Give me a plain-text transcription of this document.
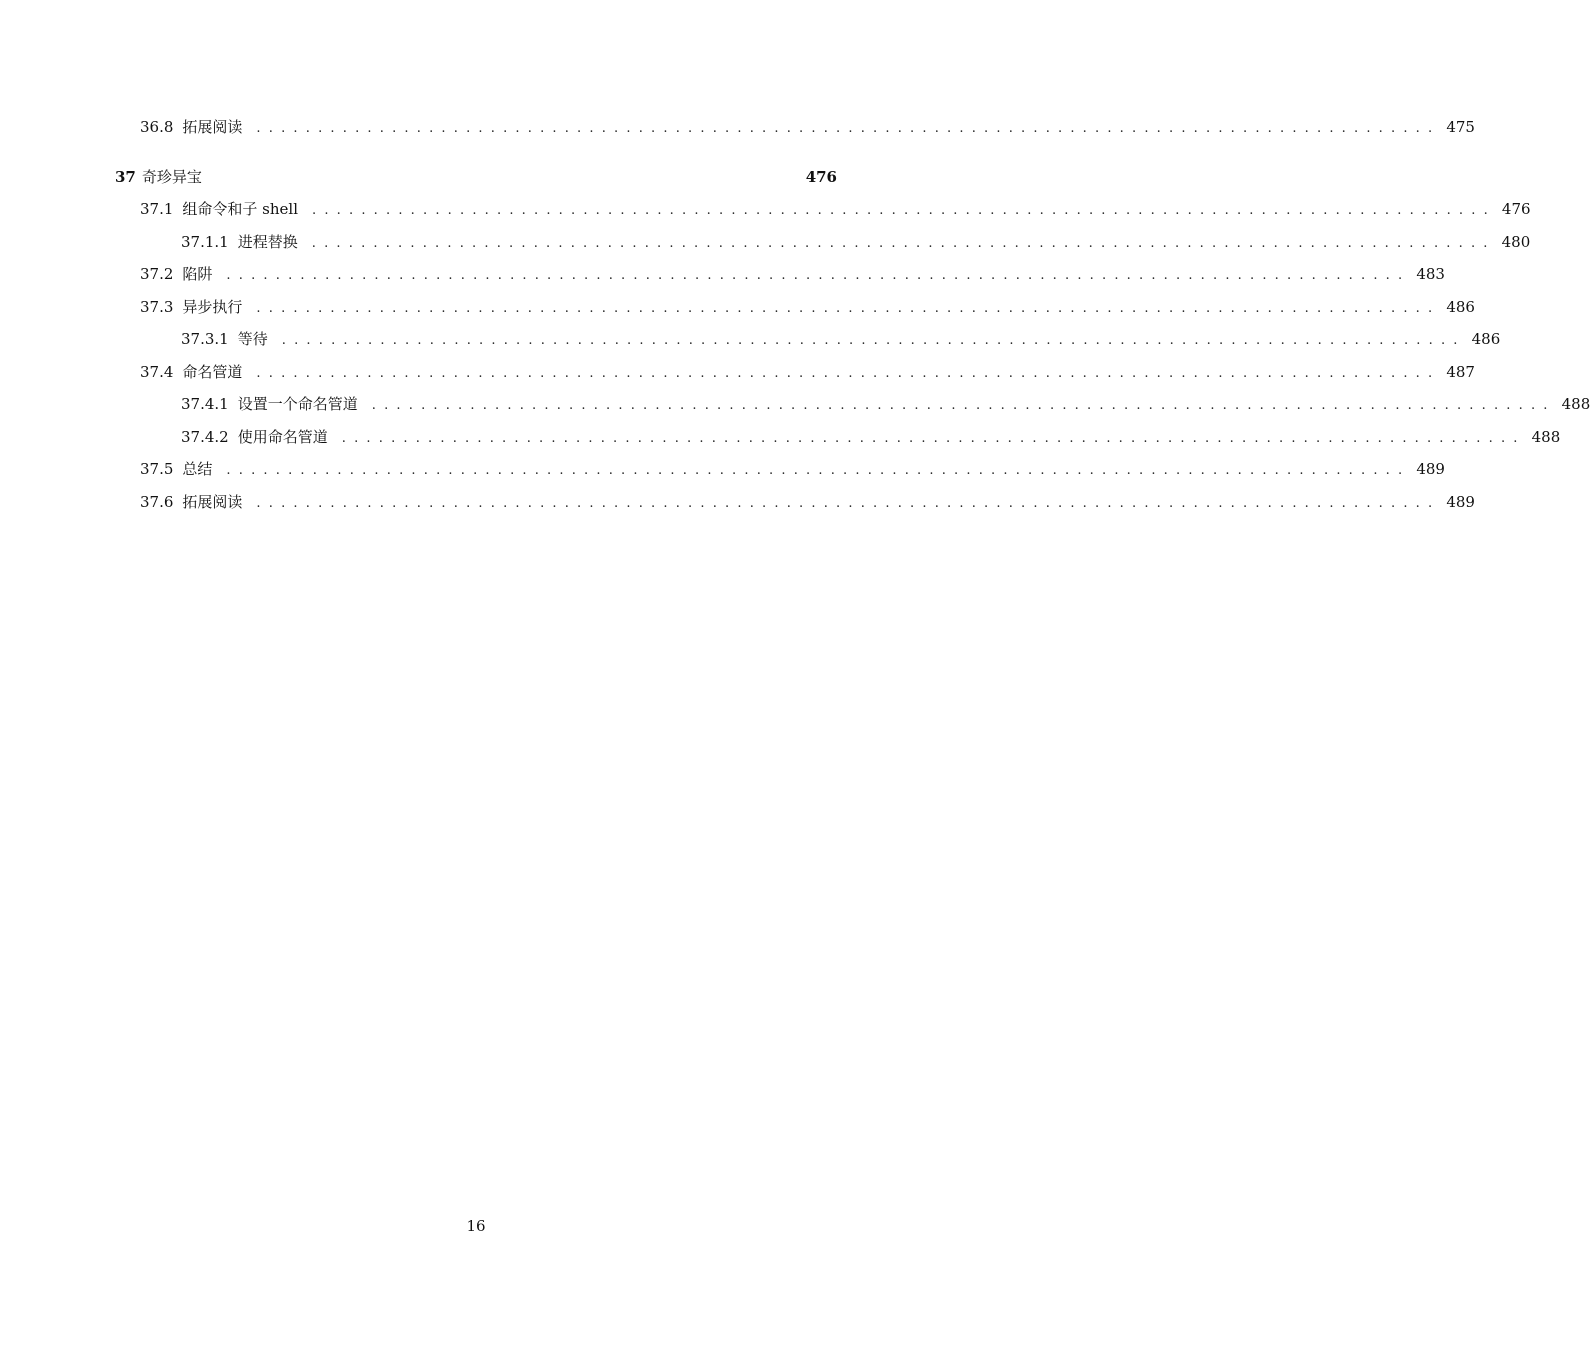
36.8 拓展阅读	................................................................................................ 475
37 奇珍异宝	476
37.1 组命令和子 shell	................................................................................................ 476
37.1.1 进程替换	................................................................................................ 480
37.2 陷阱	................................................................................................ 483
37.3 异步执行	................................................................................................ 486
37.3.1 等待	................................................................................................ 486
37.4 命名管道	................................................................................................ 487
37.4.1 设置一个命名管道	................................................................................................ 488
37.4.2 使用命名管道	................................................................................................ 488
37.5 总结	................................................................................................ 489
37.6 拓展阅读	................................................................................................ 489
16
